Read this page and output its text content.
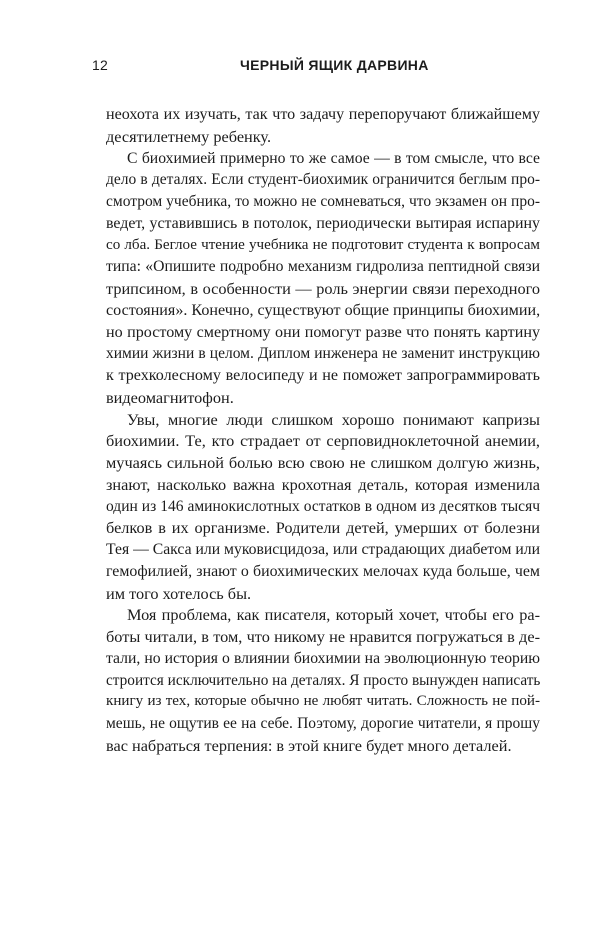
12	ЧЕРНЫЙ ЯЩИК ДАРВИНА
неохота их изучать, так что задачу перепоручают ближайшему
десятилетнему ребенку.
С биохимией примерно то же самое — в том смысле, что все
дело в деталях. Если студент-биохимик ограничится беглым про-
смотром учебника, то можно не сомневаться, что экзамен он про-
ведет, уставившись в потолок, периодически вытирая испарину
со лба. Беглое чтение учебника не подготовит студента к вопросам
типа: «Опишите подробно механизм гидролиза пептидной связи
трипсином, в особенности — роль энергии связи переходного
состояния». Конечно, существуют общие принципы биохимии,
но простому смертному они помогут разве что понять картину
химии жизни в целом. Диплом инженера не заменит инструкцию
к трехколесному велосипеду и не поможет запрограммировать
видеомагнитофон.
Увы, многие люди слишком хорошо понимают капризы
биохимии. Те, кто страдает от серповидноклеточной анемии,
мучаясь сильной болью всю свою не слишком долгую жизнь,
знают, насколько важна крохотная деталь, которая изменила
один из 146 аминокислотных остатков в одном из десятков тысяч
белков в их организме. Родители детей, умерших от болезни
Тея — Сакса или муковисцидоза, или страдающих диабетом или
гемофилией, знают о биохимических мелочах куда больше, чем
им того хотелось бы.
Моя проблема, как писателя, который хочет, чтобы его ра-
боты читали, в том, что никому не нравится погружаться в де-
тали, но история о влиянии биохимии на эволюционную теорию
строится исключительно на деталях. Я просто вынужден написать
книгу из тех, которые обычно не любят читать. Сложность не пой-
мешь, не ощутив ее на себе. Поэтому, дорогие читатели, я прошу
вас набраться терпения: в этой книге будет много деталей.
